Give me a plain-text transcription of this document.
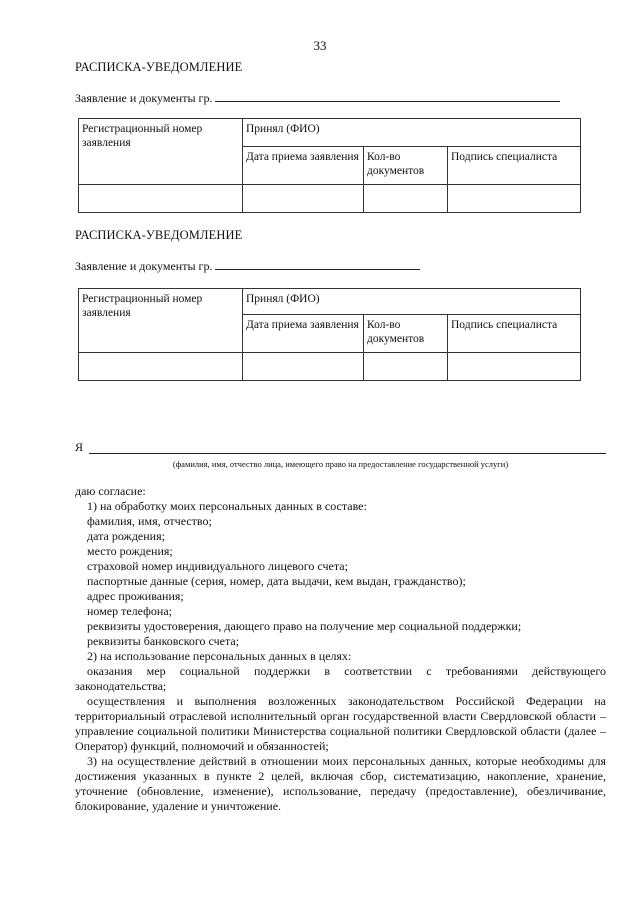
33
РАСПИСКА-УВЕДОМЛЕНИЕ
Заявление и документы гр.
Регистрационный номер заявления	Принял (ФИО)		
	Дата приема заявления	Кол-во документов	Подпись специалиста

РАСПИСКА-УВЕДОМЛЕНИЕ
Заявление и документы гр.
Регистрационный номер заявления	Принял (ФИО)		
	Дата приема заявления	Кол-во документов	Подпись специалиста

Я
(фамилия, имя, отчество лица, имеющего право на предоставление государственной услуги)

даю согласие:

1) на обработку моих персональных данных в составе:

фамилия, имя, отчество;

дата рождения;

место рождения;

страховой номер индивидуального лицевого счета;

паспортные данные (серия, номер, дата выдачи, кем выдан, гражданство);

адрес проживания;

номер телефона;

реквизиты удостоверения, дающего право на получение мер социальной поддержки;

реквизиты банковского счета;

2) на использование персональных данных в целях:

оказания мер социальной поддержки в соответствии с требованиями действующего законодательства;

осуществления и выполнения возложенных законодательством Российской Федерации на территориальный отраслевой исполнительный орган государственной власти Свердловской области – управление социальной политики Министерства социальной политики Свердловской области (далее – Оператор) функций, полномочий и обязанностей;

3) на осуществление действий в отношении моих персональных данных, которые необходимы для достижения указанных в пункте 2 целей, включая сбор, систематизацию, накопление, хранение, уточнение (обновление, изменение), использование, передачу (предоставление), обезличивание, блокирование, удаление и уничтожение.
